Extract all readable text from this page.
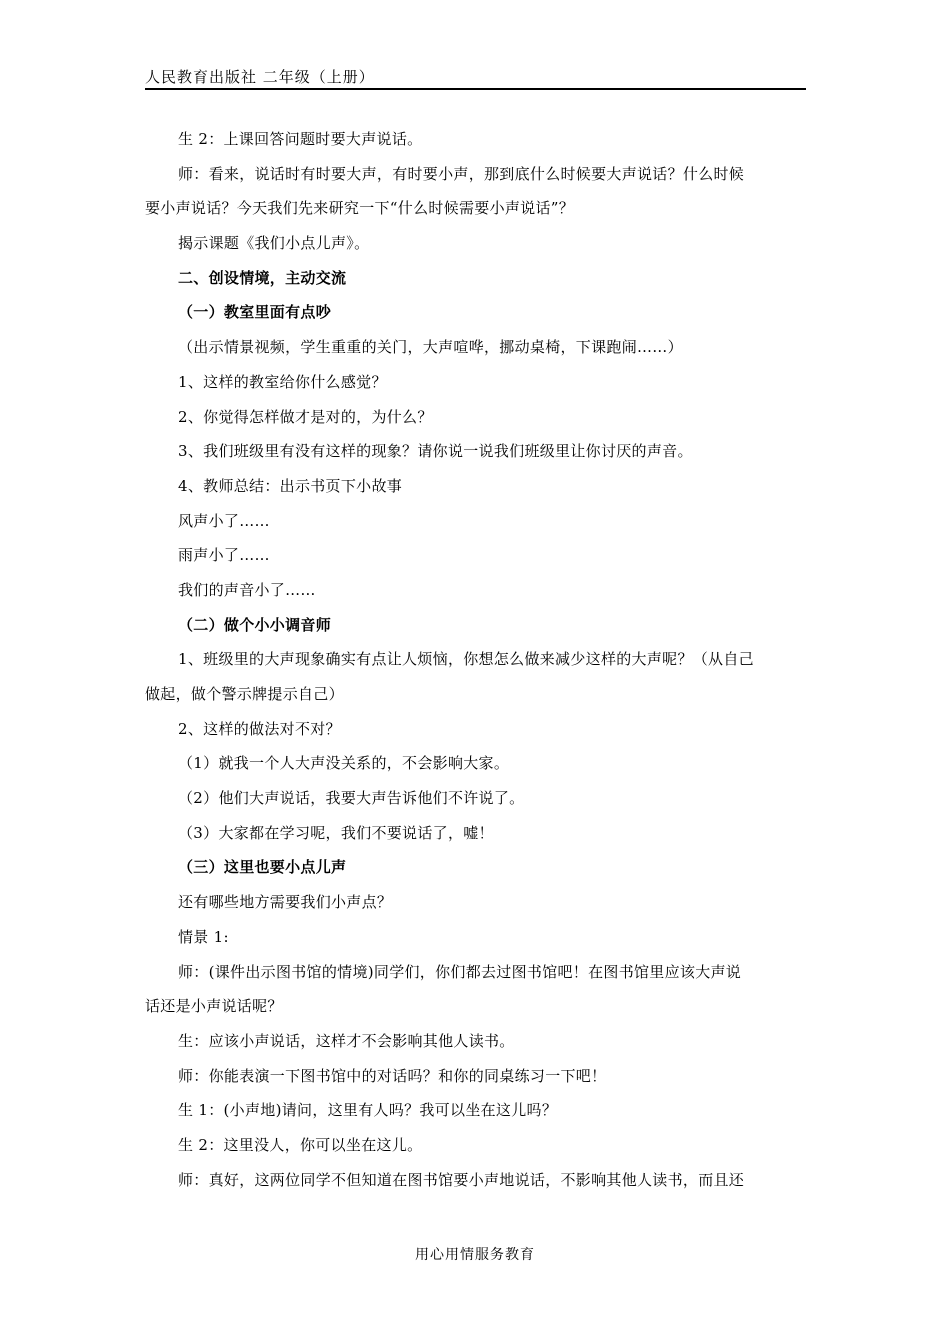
人民教育出版社 二年级（上册）
生 2：上课回答问题时要大声说话。
师：看来，说话时有时要大声，有时要小声，那到底什么时候要大声说话？什么时候
要小声说话？今天我们先来研究一下“什么时候需要小声说话”？
揭示课题《我们小点儿声》。
二、创设情境，主动交流
（一）教室里面有点吵
（出示情景视频，学生重重的关门，大声喧哗，挪动桌椅，下课跑闹……）
1、这样的教室给你什么感觉？
2、你觉得怎样做才是对的，为什么？
3、我们班级里有没有这样的现象？请你说一说我们班级里让你讨厌的声音。
4、教师总结：出示书页下小故事
风声小了……
雨声小了……
我们的声音小了……
（二）做个小小调音师
1、班级里的大声现象确实有点让人烦恼，你想怎么做来减少这样的大声呢？（从自己
做起，做个警示牌提示自己）
2、这样的做法对不对？
（1）就我一个人大声没关系的，不会影响大家。
（2）他们大声说话，我要大声告诉他们不许说了。
（3）大家都在学习呢，我们不要说话了，嘘！
（三）这里也要小点儿声
还有哪些地方需要我们小声点？
情景 1:
师：(课件出示图书馆的情境)同学们，你们都去过图书馆吧！在图书馆里应该大声说
话还是小声说话呢？
生：应该小声说话，这样才不会影响其他人读书。
师：你能表演一下图书馆中的对话吗？和你的同桌练习一下吧！
生 1：(小声地)请问，这里有人吗？我可以坐在这儿吗？
生 2：这里没人，你可以坐在这儿。
师：真好，这两位同学不但知道在图书馆要小声地说话，不影响其他人读书，而且还
用心用情服务教育
